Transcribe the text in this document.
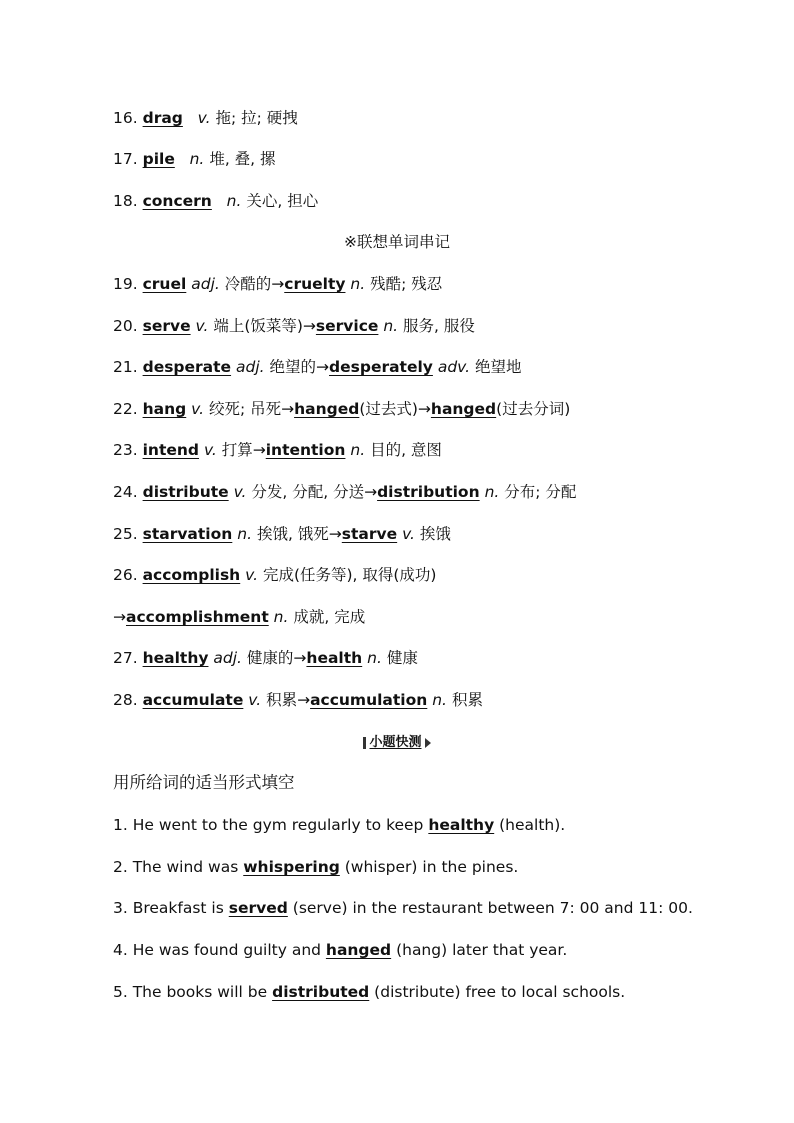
16. drag v. 拖; 拉; 硬拽
17. pile n. 堆, 叠, 摞
18. concern n. 关心, 担心
※联想单词串记
19. cruel adj. 冷酷的→cruelty n. 残酷; 残忍
20. serve v. 端上(饭菜等)→service n. 服务, 服役
21. desperate adj. 绝望的→desperately adv. 绝望地
22. hang v. 绞死; 吊死→hanged(过去式)→hanged(过去分词)
23. intend v. 打算→intention n. 目的, 意图
24. distribute v. 分发, 分配, 分送→distribution n. 分布; 分配
25. starvation n. 挨饿, 饿死→starve v. 挨饿
26. accomplish v. 完成(任务等), 取得(成功)
→accomplishment n. 成就, 完成
27. healthy adj. 健康的→health n. 健康
28. accumulate v. 积累→accumulation n. 积累
小题快测
用所给词的适当形式填空
1. He went to the gym regularly to keep healthy (health).
2. The wind was whispering (whisper) in the pines.
3. Breakfast is served (serve) in the restaurant between 7: 00 and 11: 00.
4. He was found guilty and hanged (hang) later that year.
5. The books will be distributed (distribute) free to local schools.
